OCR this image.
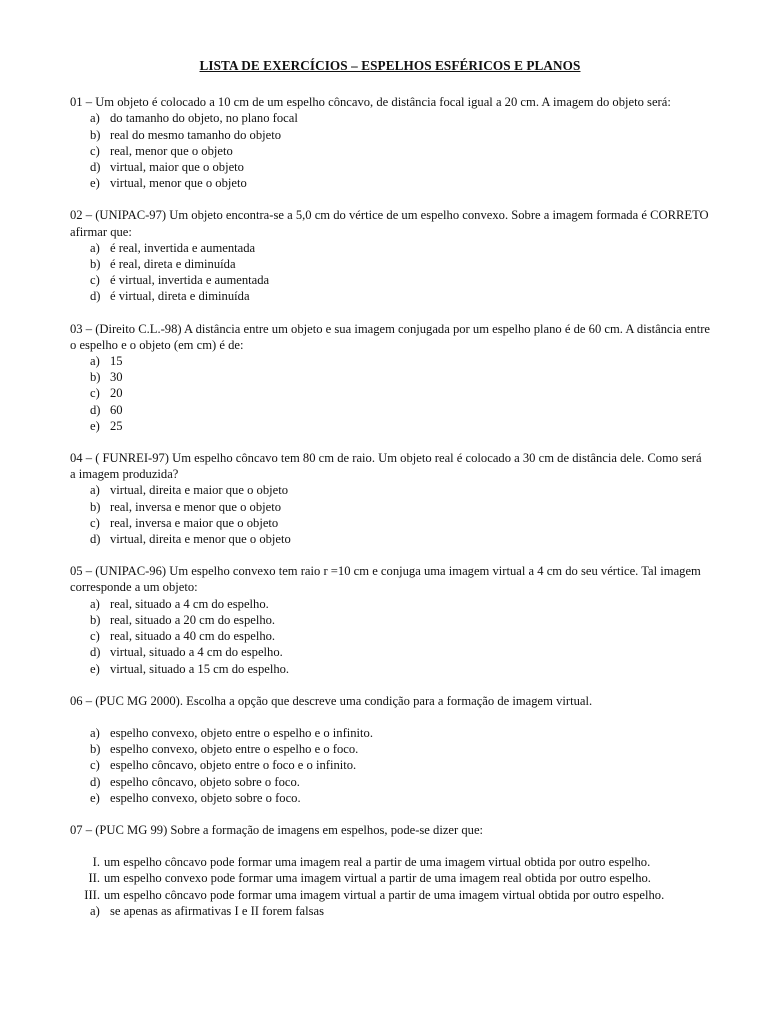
LISTA DE EXERCÍCIOS – ESPELHOS ESFÉRICOS E PLANOS

01 – Um objeto é colocado a 10 cm de um espelho côncavo, de distância focal igual a 20 cm. A imagem do objeto será:

a) do tamanho do objeto, no plano focal
b) real do mesmo tamanho do objeto
c) real, menor que o objeto
d) virtual, maior que o objeto
e) virtual, menor que o objeto

02 – (UNIPAC-97) Um objeto encontra-se a 5,0 cm do vértice de um espelho convexo. Sobre a imagem formada é CORRETO afirmar que:

a) é real, invertida e aumentada
b) é real, direta e diminuída
c) é virtual, invertida e aumentada
d) é virtual, direta e diminuída

03 – (Direito C.L.-98) A distância entre um objeto e sua imagem conjugada por um espelho plano é de 60 cm. A distância entre o espelho e o objeto (em cm) é de:

a) 15
b) 30
c) 20
d) 60
e) 25

04 – ( FUNREI-97) Um espelho côncavo tem 80 cm de raio. Um objeto real é colocado a 30 cm de distância dele. Como será a imagem produzida?

a) virtual, direita e maior que o objeto
b) real, inversa e menor que o objeto
c) real, inversa e maior que o objeto
d) virtual, direita e menor que o objeto

05 – (UNIPAC-96) Um espelho convexo tem raio r =10 cm e conjuga uma imagem virtual a 4 cm do seu vértice. Tal imagem corresponde a um objeto:

a) real, situado a 4 cm do espelho.
b) real, situado a 20 cm do espelho.
c) real, situado a 40 cm do espelho.
d) virtual, situado a 4 cm do espelho.
e) virtual, situado a 15 cm do espelho.

06 – (PUC MG 2000). Escolha a opção que descreve uma condição para a formação de imagem virtual.

a) espelho convexo, objeto entre o espelho e o infinito.
b) espelho convexo, objeto entre o espelho e o foco.
c) espelho côncavo, objeto entre o foco e o infinito.
d) espelho côncavo, objeto sobre o foco.
e) espelho convexo, objeto sobre o foco.

07 – (PUC MG 99) Sobre a formação de imagens em espelhos, pode-se dizer que:

I. um espelho côncavo pode formar uma imagem real a partir de uma imagem virtual obtida por outro espelho.
II. um espelho convexo pode formar uma imagem virtual a partir de uma imagem real obtida por outro espelho.
III. um espelho côncavo pode formar uma imagem virtual a partir de uma imagem virtual obtida por outro espelho.
a) se apenas as afirmativas I e II forem falsas
